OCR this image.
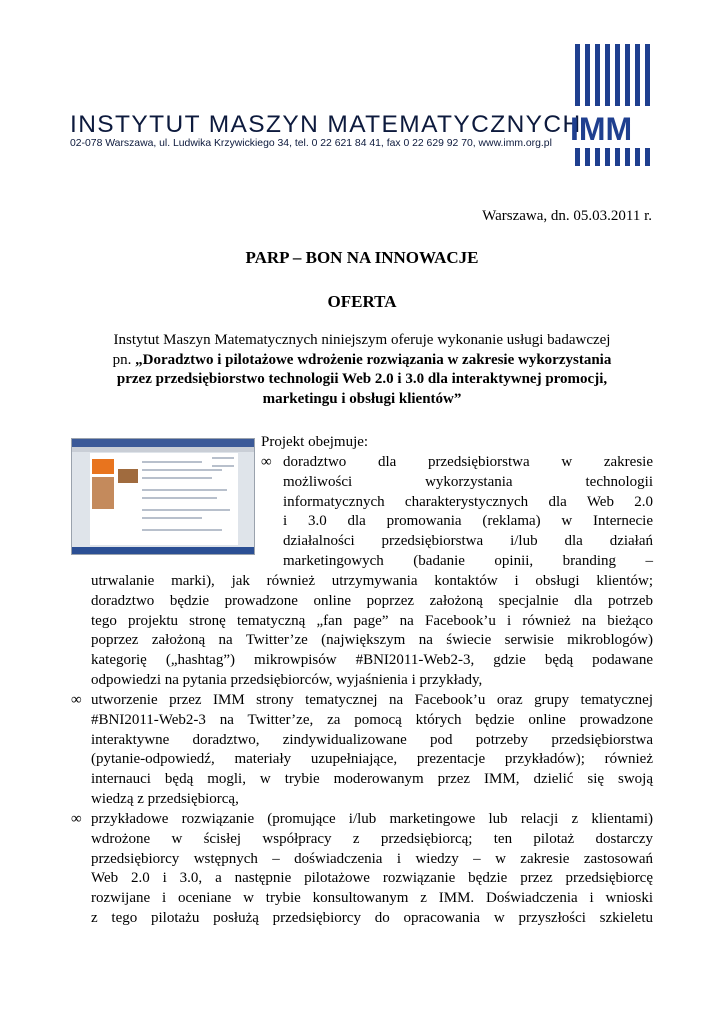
INSTYTUT MASZYN MATEMATYCZNYCH
02-078 Warszawa, ul. Ludwika Krzywickiego 34, tel. 0 22 621 84 41, fax 0 22 629 92 70, www.imm.org.pl IMM
Warszawa, dn. 05.03.2011 r.
PARP – BON NA INNOWACJE
OFERTA
Instytut Maszyn Matematycznych niniejszym oferuje wykonanie usługi badawczej
pn. „Doradztwo i pilotażowe wdrożenie rozwiązania w zakresie wykorzystania
przez przedsiębiorstwo technologii Web 2.0 i 3.0 dla interaktywnej promocji,
marketingu i obsługi klientów”
Projekt obejmuje:
∞ doradztwo dla przedsiębiorstwa w zakresie
możliwości wykorzystania technologii
informatycznych charakterystycznych dla Web 2.0
i 3.0 dla promowania (reklama) w Internecie
działalności przedsiębiorstwa i/lub dla działań
marketingowych (badanie opinii, branding –
utrwalanie marki), jak również utrzymywania kontaktów i obsługi klientów;
doradztwo będzie prowadzone online poprzez założoną specjalnie dla potrzeb
tego projektu stronę tematyczną „fan page” na Facebook’u i również na bieżąco
poprzez założoną na Twitter’ze (największym na świecie serwisie mikroblogów)
kategorię („hashtag”) mikrowpisów #BNI2011-Web2-3, gdzie będą podawane
odpowiedzi na pytania przedsiębiorców, wyjaśnienia i przykłady,
∞ utworzenie przez IMM strony tematycznej na Facebook’u oraz grupy tematycznej
#BNI2011-Web2-3 na Twitter’ze, za pomocą których będzie online prowadzone
interaktywne doradztwo, zindywidualizowane pod potrzeby przedsiębiorstwa
(pytanie-odpowiedź, materiały uzupełniające, prezentacje przykładów); również
internauci będą mogli, w trybie moderowanym przez IMM, dzielić się swoją
wiedzą z przedsiębiorcą,
∞ przykładowe rozwiązanie (promujące i/lub marketingowe lub relacji z klientami)
wdrożone w ścisłej współpracy z przedsiębiorcą; ten pilotaż dostarczy
przedsiębiorcy wstępnych – doświadczenia i wiedzy – w zakresie zastosowań
Web 2.0 i 3.0, a następnie pilotażowe rozwiązanie będzie przez przedsiębiorcę
rozwijane i oceniane w trybie konsultowanym z IMM. Doświadczenia i wnioski
z tego pilotażu posłużą przedsiębiorcy do opracowania w przyszłości szkieletu
